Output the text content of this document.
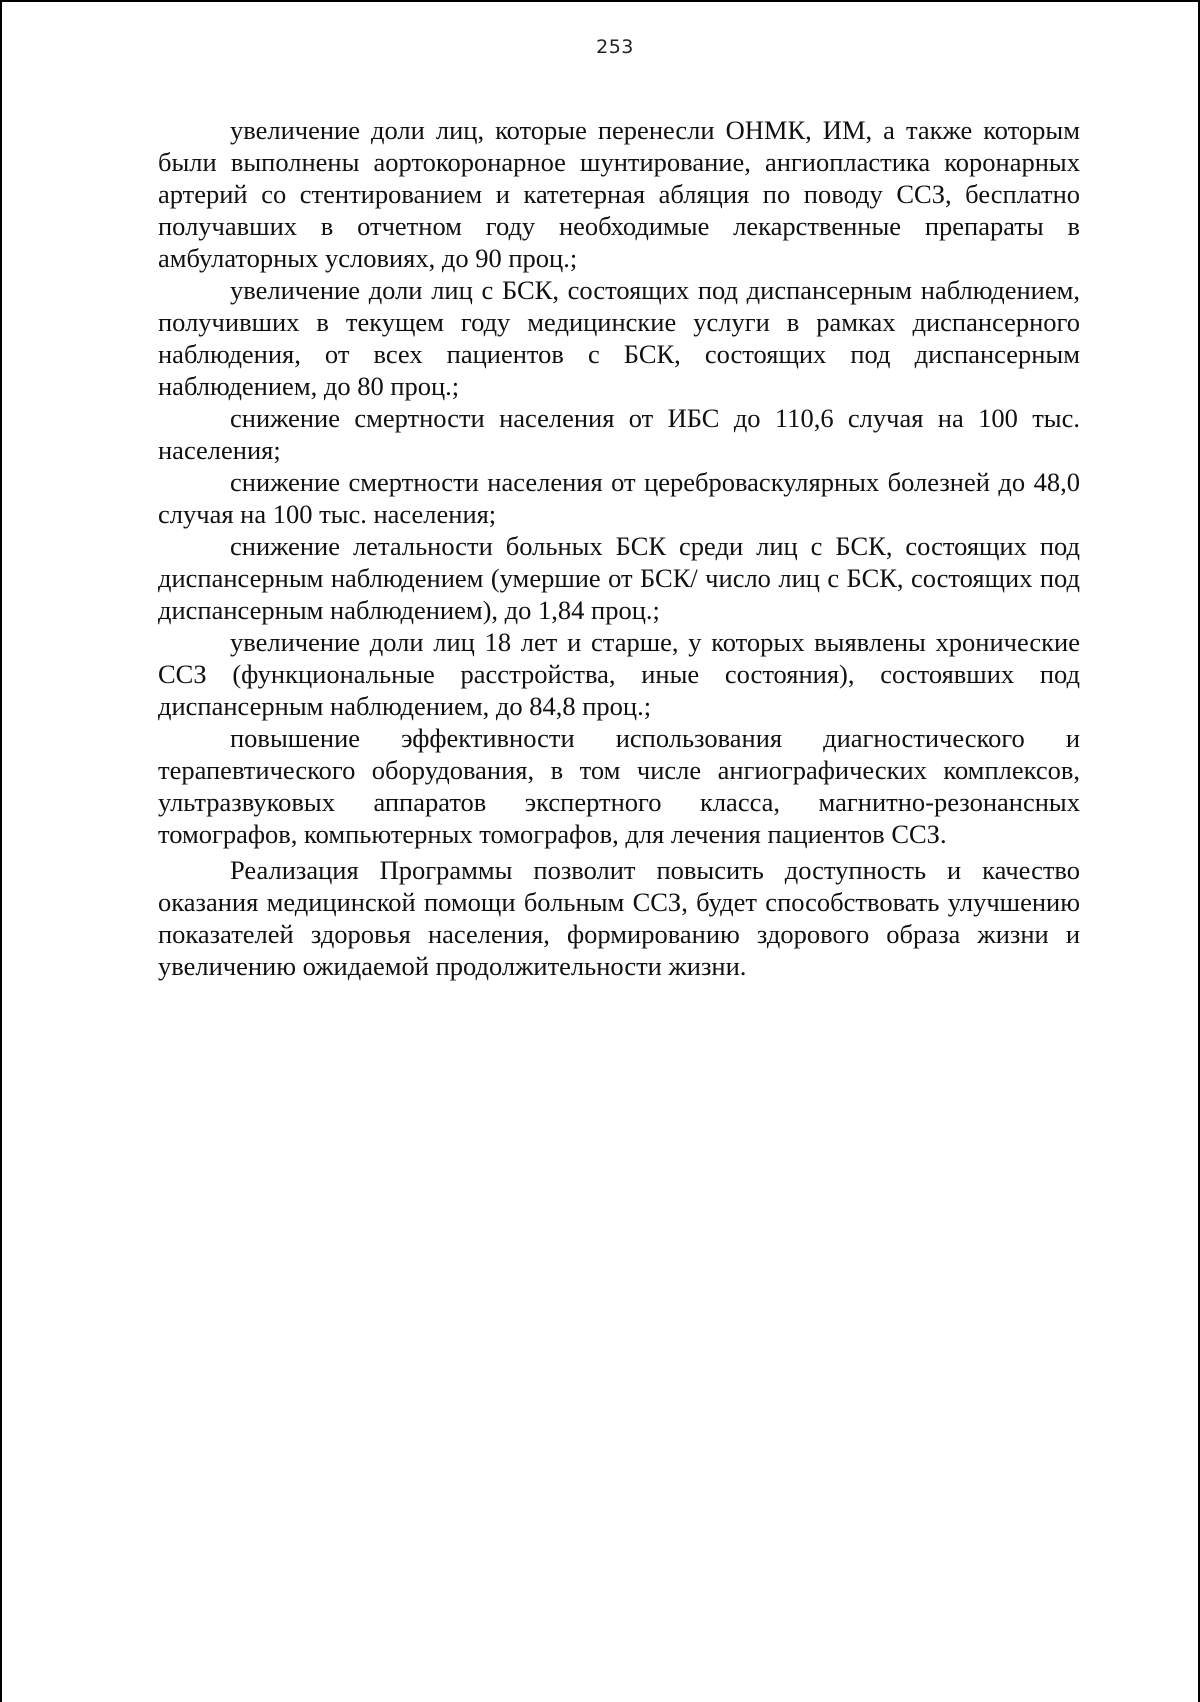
253

увеличение доли лиц, которые перенесли ОНМК, ИМ, а также которым были выполнены аортокоронарное шунтирование, ангиопластика коронарных артерий со стентированием и катетерная абляция по поводу ССЗ, бесплатно получавших в отчетном году необходимые лекарственные препараты в амбулаторных условиях, до 90 проц.;

увеличение доли лиц с БСК, состоящих под диспансерным наблюдением, получивших в текущем году медицинские услуги в рамках диспансерного наблюдения, от всех пациентов с БСК, состоящих под диспансерным наблюдением, до 80 проц.;

снижение смертности населения от ИБС до 110,6 случая на 100 тыс. населения;

снижение смертности населения от цереброваскулярных болезней до 48,0 случая на 100 тыс. населения;

снижение летальности больных БСК среди лиц с БСК, состоящих под диспансерным наблюдением (умершие от БСК/ число лиц с БСК, состоящих под диспансерным наблюдением), до 1,84 проц.;

увеличение доли лиц 18 лет и старше, у которых выявлены хронические ССЗ (функциональные расстройства, иные состояния), состоявших под диспансерным наблюдением, до 84,8 проц.;

повышение эффективности использования диагностического и терапевтического оборудования, в том числе ангиографических комплексов, ультразвуковых аппаратов экспертного класса, магнитно-резонансных томографов, компьютерных томографов, для лечения пациентов ССЗ.

Реализация Программы позволит повысить доступность и качество оказания медицинской помощи больным ССЗ, будет способствовать улучшению показателей здоровья населения, формированию здорового образа жизни и увеличению ожидаемой продолжительности жизни.
